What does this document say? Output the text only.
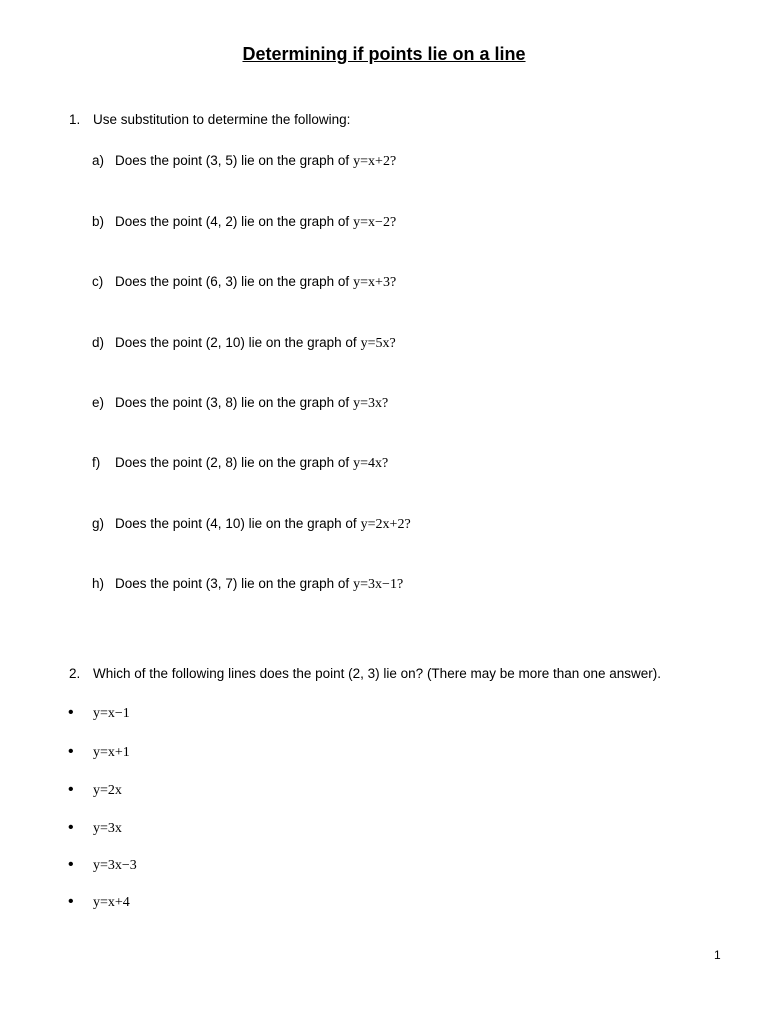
Determining if points lie on a line
1. Use substitution to determine the following:
a) Does the point (3, 5) lie on the graph of y=x+2?
b) Does the point (4, 2) lie on the graph of y=x−2?
c) Does the point (6, 3) lie on the graph of y=x+3?
d) Does the point (2, 10) lie on the graph of y=5x?
e) Does the point (3, 8) lie on the graph of y=3x?
f) Does the point (2, 8) lie on the graph of y=4x?
g) Does the point (4, 10) lie on the graph of y=2x+2?
h) Does the point (3, 7) lie on the graph of y=3x−1?
2. Which of the following lines does the point (2, 3) lie on? (There may be more than one answer).
• y=x−1
• y=x+1
• y=2x
• y=3x
• y=3x−3
• y=x+4
1
